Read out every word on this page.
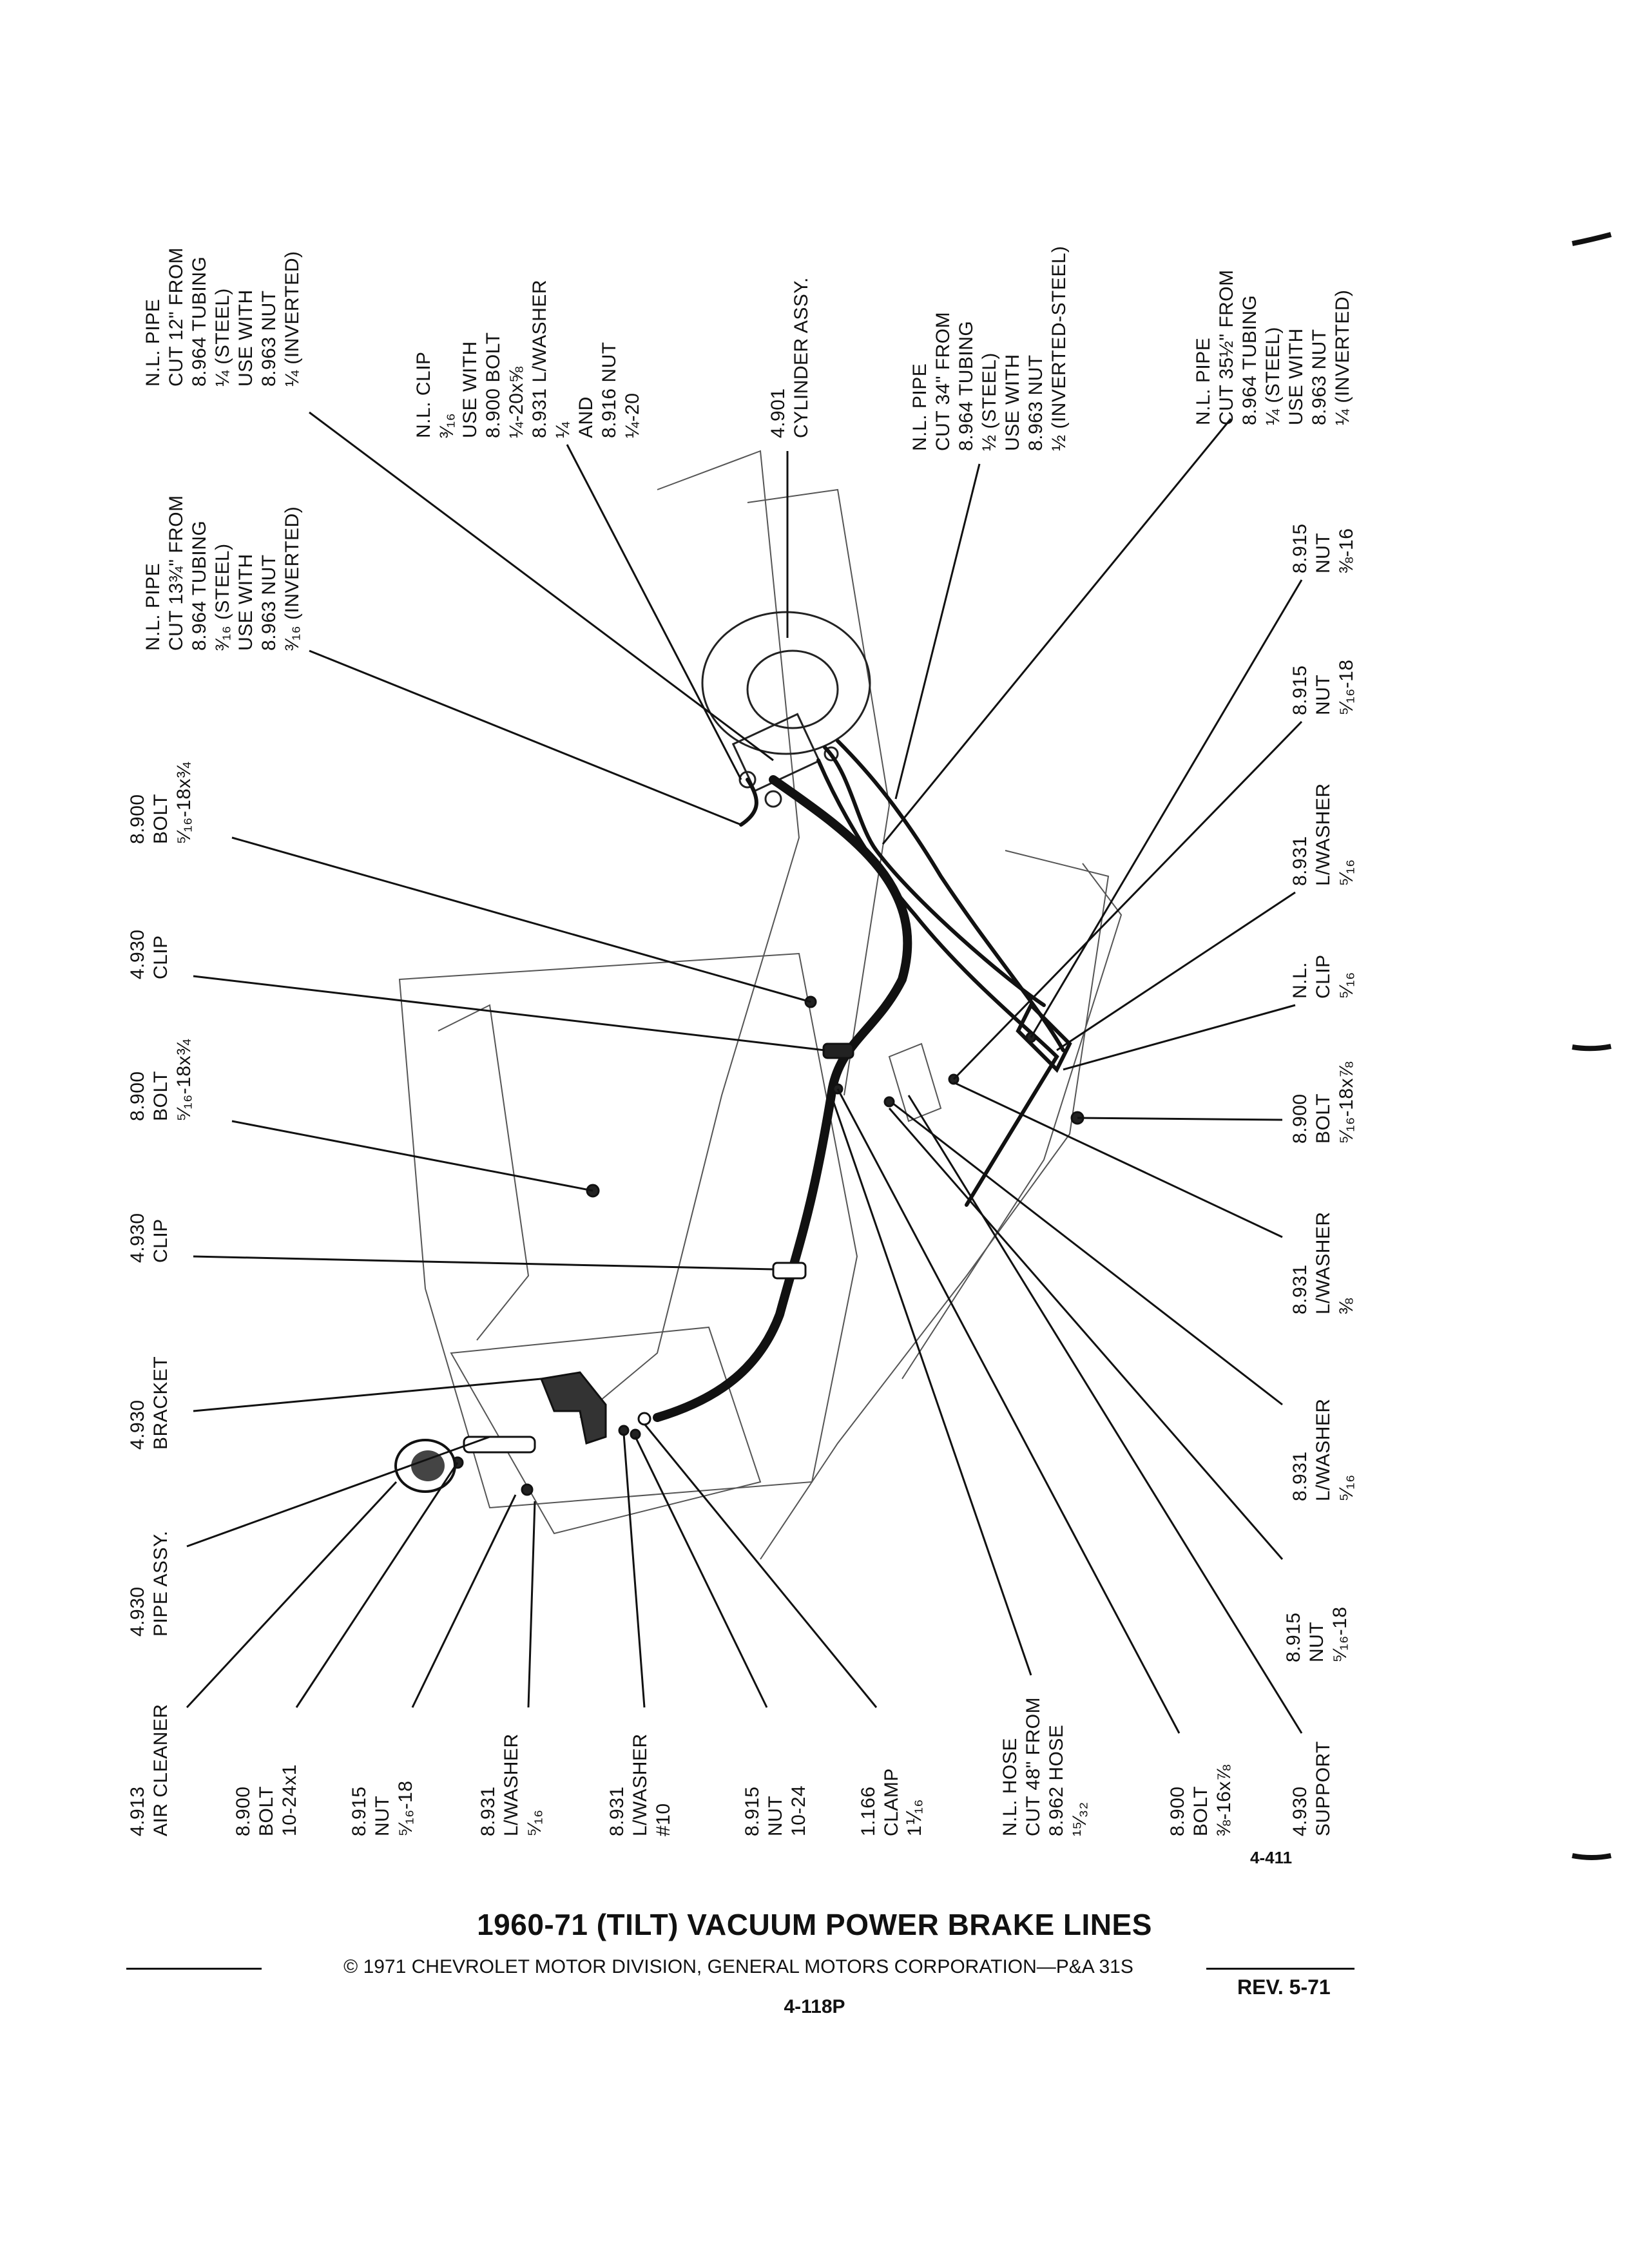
N.L. PIPE CUT 12" FROM 8.964 TUBING ¼ (STEEL) USE WITH 8.963 NUT ¼ (INVERTED)
N.L. CLIP ³⁄₁₆ USE WITH 8.900 BOLT ¼-20x⅝ 8.931 L/WASHER ¼ AND 8.916 NUT ¼-20	4.901 CYLINDER ASSY.	N.L. PIPE CUT 34" FROM 8.964 TUBING ½ (STEEL) USE WITH 8.963 NUT ½ (INVERTED-STEEL)	N.L. PIPE CUT 35½" FROM 8.964 TUBING ¼ (STEEL) USE WITH 8.963 NUT ¼ (INVERTED)
N.L. PIPE CUT 13¾" FROM 8.964 TUBING ³⁄₁₆ (STEEL) USE WITH 8.963 NUT ³⁄₁₆ (INVERTED)	8.915 NUT ⅜-16
8.915 NUT ⁵⁄₁₆-18
8.900 BOLT ⁵⁄₁₆-18x¾
8.931 L/WASHER ⁵⁄₁₆
4.930 CLIP
N.L. CLIP ⁵⁄₁₆
8.900 BOLT ⁵⁄₁₆-18x¾	8.900 BOLT ⁵⁄₁₆-18x⅞
4.930 CLIP
8.931 L/WASHER ⅜
4.930 BRACKET
8.931 L/WASHER ⁵⁄₁₆
4.930 PIPE ASSY.
8.915 NUT ⁵⁄₁₆-18
4.913 AIR CLEANER	8.900 BOLT 10-24x1	8.915 NUT ⁵⁄₁₆-18	8.931 L/WASHER ⁵⁄₁₆	8.931 L/WASHER #10	8.915 NUT 10-24	1.166 CLAMP 1⅟₁₆	N.L. HOSE CUT 48" FROM 8.962 HOSE ¹⁵⁄₃₂	8.900 BOLT ⅜-16x⅞	4.930 SUPPORT
4-411
1960-71 (TILT) VACUUM POWER BRAKE LINES
© 1971 CHEVROLET MOTOR DIVISION, GENERAL MOTORS CORPORATION—P&A 31S
REV. 5-71
4-118P
